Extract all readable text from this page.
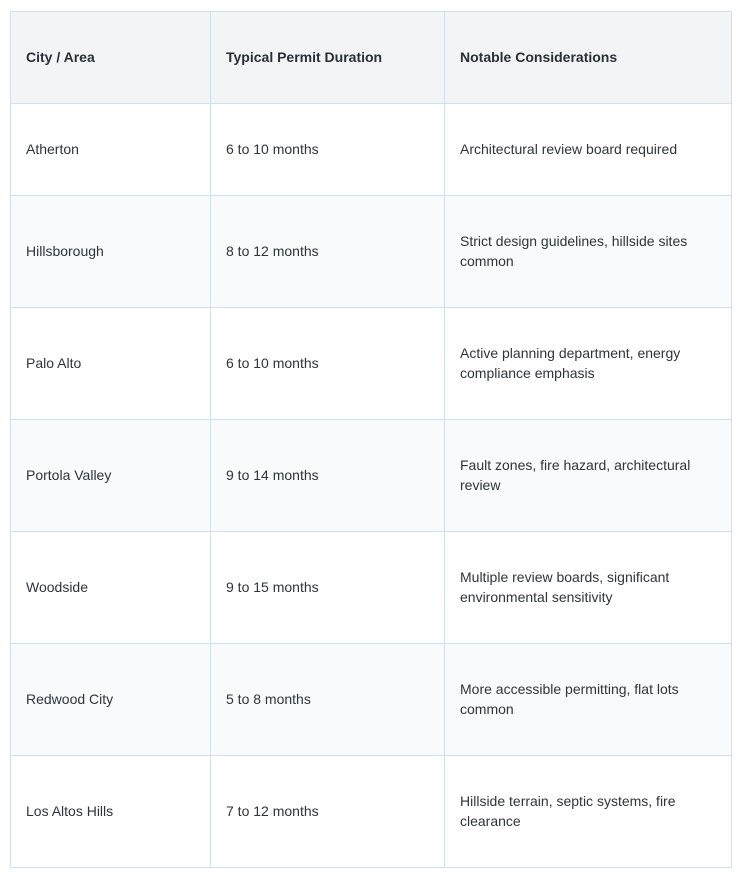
City / Area	Typical Permit Duration	Notable Considerations
Atherton	6 to 10 months	Architectural review board required
Hillsborough	8 to 12 months	Strict design guidelines, hillside sites common
Palo Alto	6 to 10 months	Active planning department, energy compliance emphasis
Portola Valley	9 to 14 months	Fault zones, fire hazard, architectural review
Woodside	9 to 15 months	Multiple review boards, significant environmental sensitivity
Redwood City	5 to 8 months	More accessible permitting, flat lots common
Los Altos Hills	7 to 12 months	Hillside terrain, septic systems, fire clearance
